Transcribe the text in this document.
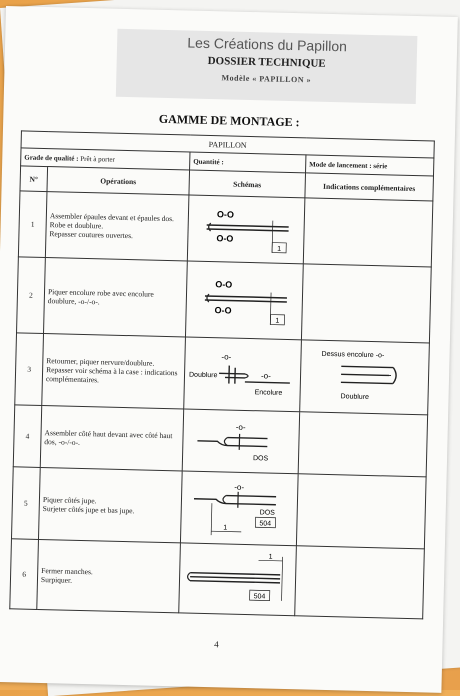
Les Créations du Papillon
DOSSIER TECHNIQUE
Modèle « PAPILLON »
GAMME DE MONTAGE :
PAPILLON			
Grade de qualité : Prêt à porter		Quantité :	Mode de lancement : série
N°	Opérations	Schémas	Indications complémentaires
1	Assembler épaules devant et épaules dos. Robe et doublure.
Repasser coutures ouvertes.	O-O
O-O
1	

2	Piquer encolure robe avec encolure doublure, -o-/-o-.	O-O
O-O
1	

3	Retourner, piquer nervure/doublure.
Repasser voir schéma à la case : indications complémentaires.	-o-
Doublure -o-
Encolure	Dessus encolure -o-
Doublure

4	Assembler côté haut devant avec côté haut dos, -o-/-o-.	-o-
DOS	

5	Piquer côtés jupe.
Surjeter côtés jupe et bas jupe.	-o-
DOS
504
1	

6	Fermer manches.
Surpiquer.	1
504	

4
